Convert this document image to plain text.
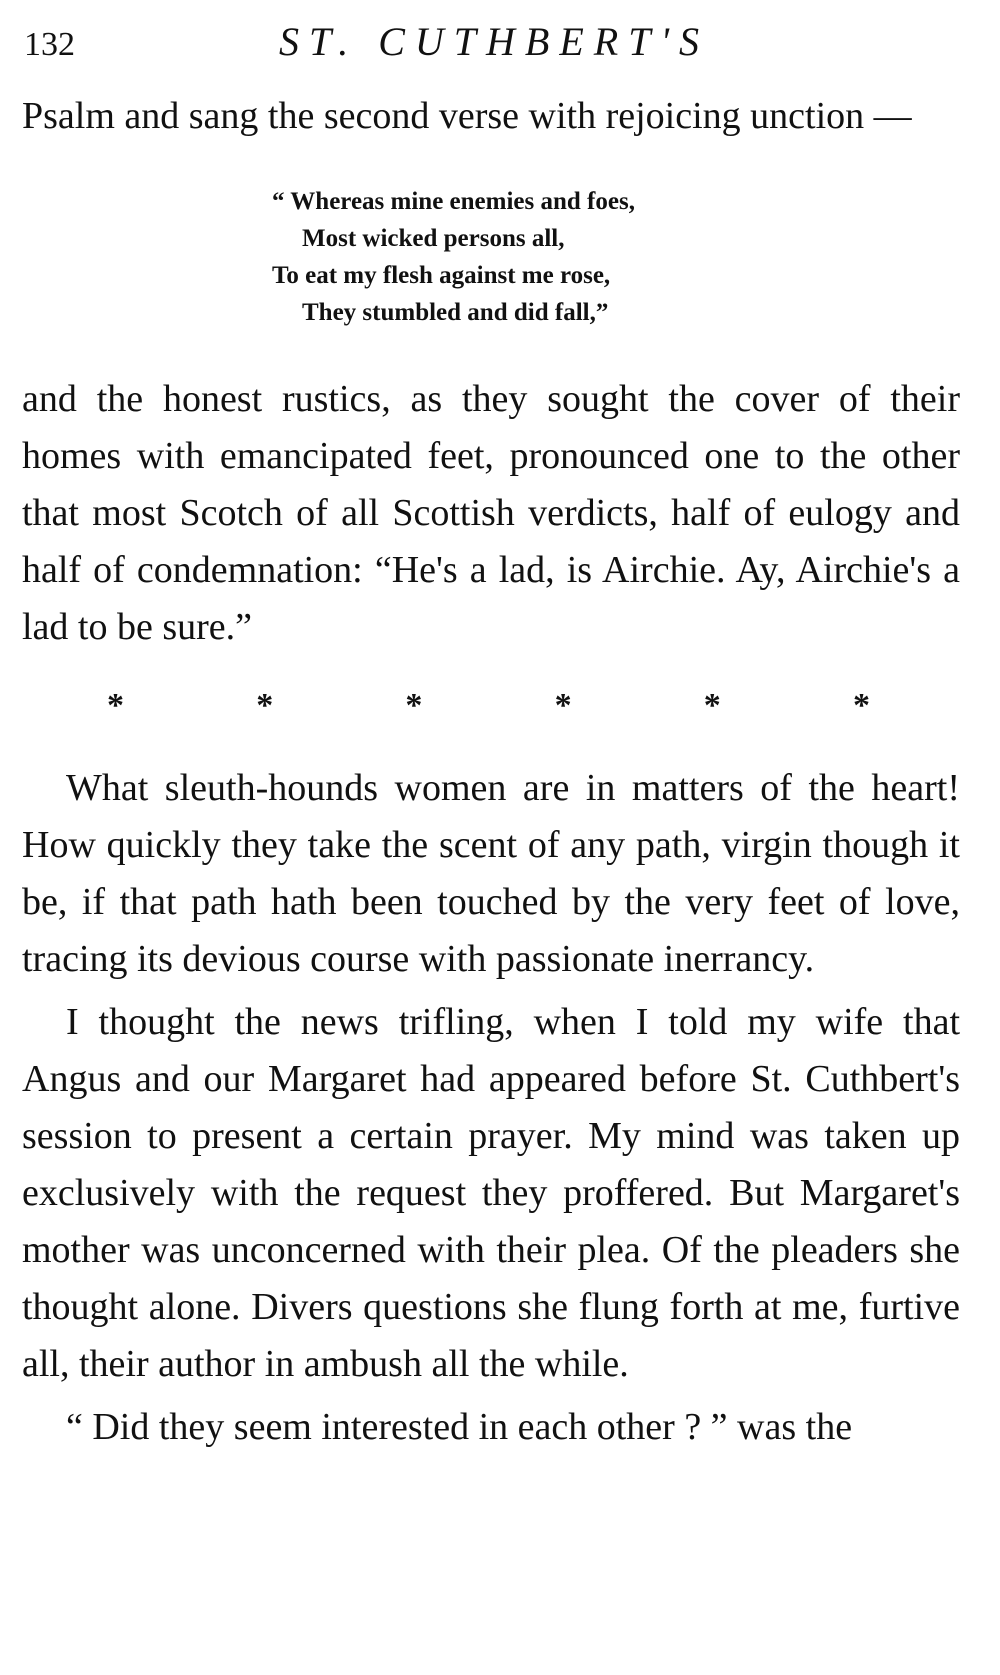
132	ST. CUTHBERT'S

Psalm and sang the second verse with rejoicing unction —

“ Whereas mine enemies and foes,
Most wicked persons all,
To eat my flesh against me rose,
They stumbled and did fall,”

and the honest rustics, as they sought the cover of their homes with emancipated feet, pronounced one to the other that most Scotch of all Scottish verdicts, half of eulogy and half of condemnation: “He's a lad, is Airchie. Ay, Airchie's a lad to be sure.”

*	*	*	*	*	*

What sleuth-hounds women are in matters of the heart! How quickly they take the scent of any path, virgin though it be, if that path hath been touched by the very feet of love, tracing its devious course with passionate inerrancy.

I thought the news trifling, when I told my wife that Angus and our Margaret had appeared before St. Cuthbert's session to present a certain prayer. My mind was taken up exclusively with the request they proffered. But Margaret's mother was unconcerned with their plea. Of the pleaders she thought alone. Divers questions she flung forth at me, furtive all, their author in ambush all the while.

“ Did they seem interested in each other ? ” was the
